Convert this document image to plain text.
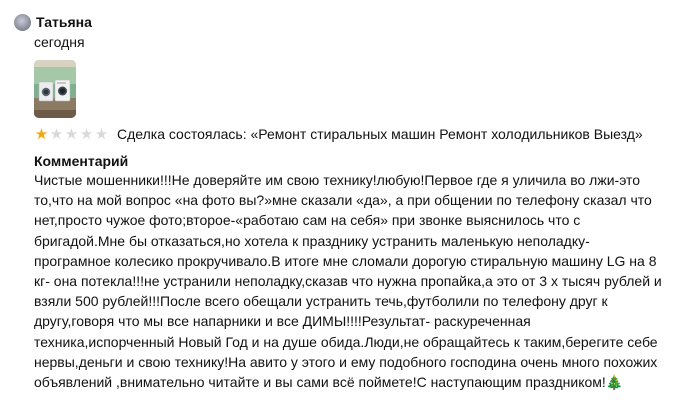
Татьяна
сегодня
★ ★ ★ ★ ★ Сделка состоялась: «Ремонт стиральных машин Ремонт холодильников Выезд»
Комментарий
Чистые мошенники!!!Не доверяйте им свою технику!любую!Первое где я уличила во лжи-это
то,что на мой вопрос «на фото вы?»мне сказали «да», а при общении по телефону сказал что
нет,просто чужое фото;второе-«работаю сам на себя» при звонке выяснилось что с
бригадой.Мне бы отказаться,но хотела к празднику устранить маленькую неполадку-
програмное колесико прокручивало.В итоге мне сломали дорогую стиральную машину LG на 8
кг- она потекла!!!не устранили неполадку,сказав что нужна пропайка,а это от 3 х тысяч рублей и
взяли 500 рублей!!!После всего обещали устранить течь,футболили по телефону друг к
другу,говоря что мы все напарники и все ДИМЫ!!!!Результат- раскуреченная
техника,испорченный Новый Год и на душе обида.Люди,не обращайтесь к таким,берегите себе
нервы,деньги и свою технику!На авито у этого и ему подобного господина очень много похожих
объявлений ,внимательно читайте и вы сами всё поймете!С наступающим праздником!🎄
